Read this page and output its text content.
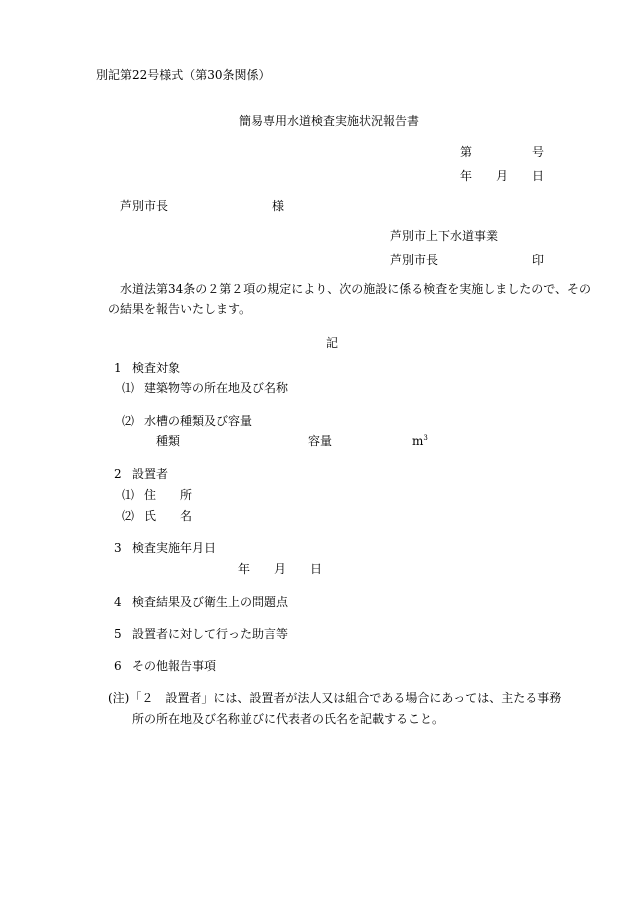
別記第22号様式（第30条関係）
簡易専用水道検査実施状況報告書
第	号
年 月 日
芦別市長	様
芦別市上下水道事業
芦別市長	印
水道法第34条の２第２項の規定により、次の施設に係る検査を実施しましたので、その
の結果を報告いたします。
記
1 検査対象
⑴ 建築物等の所在地及び名称
⑵ 水槽の種類及び容量
種類	容量	$m^3$
2 設置者
⑴ 住　　所
⑵ 氏　　名
3 検査実施年月日
年 月 日
4 検査結果及び衛生上の問題点
5 設置者に対して行った助言等
6 その他報告事項
(注)「２　設置者」には、設置者が法人又は組合である場合にあっては、主たる事務
所の所在地及び名称並びに代表者の氏名を記載すること。
